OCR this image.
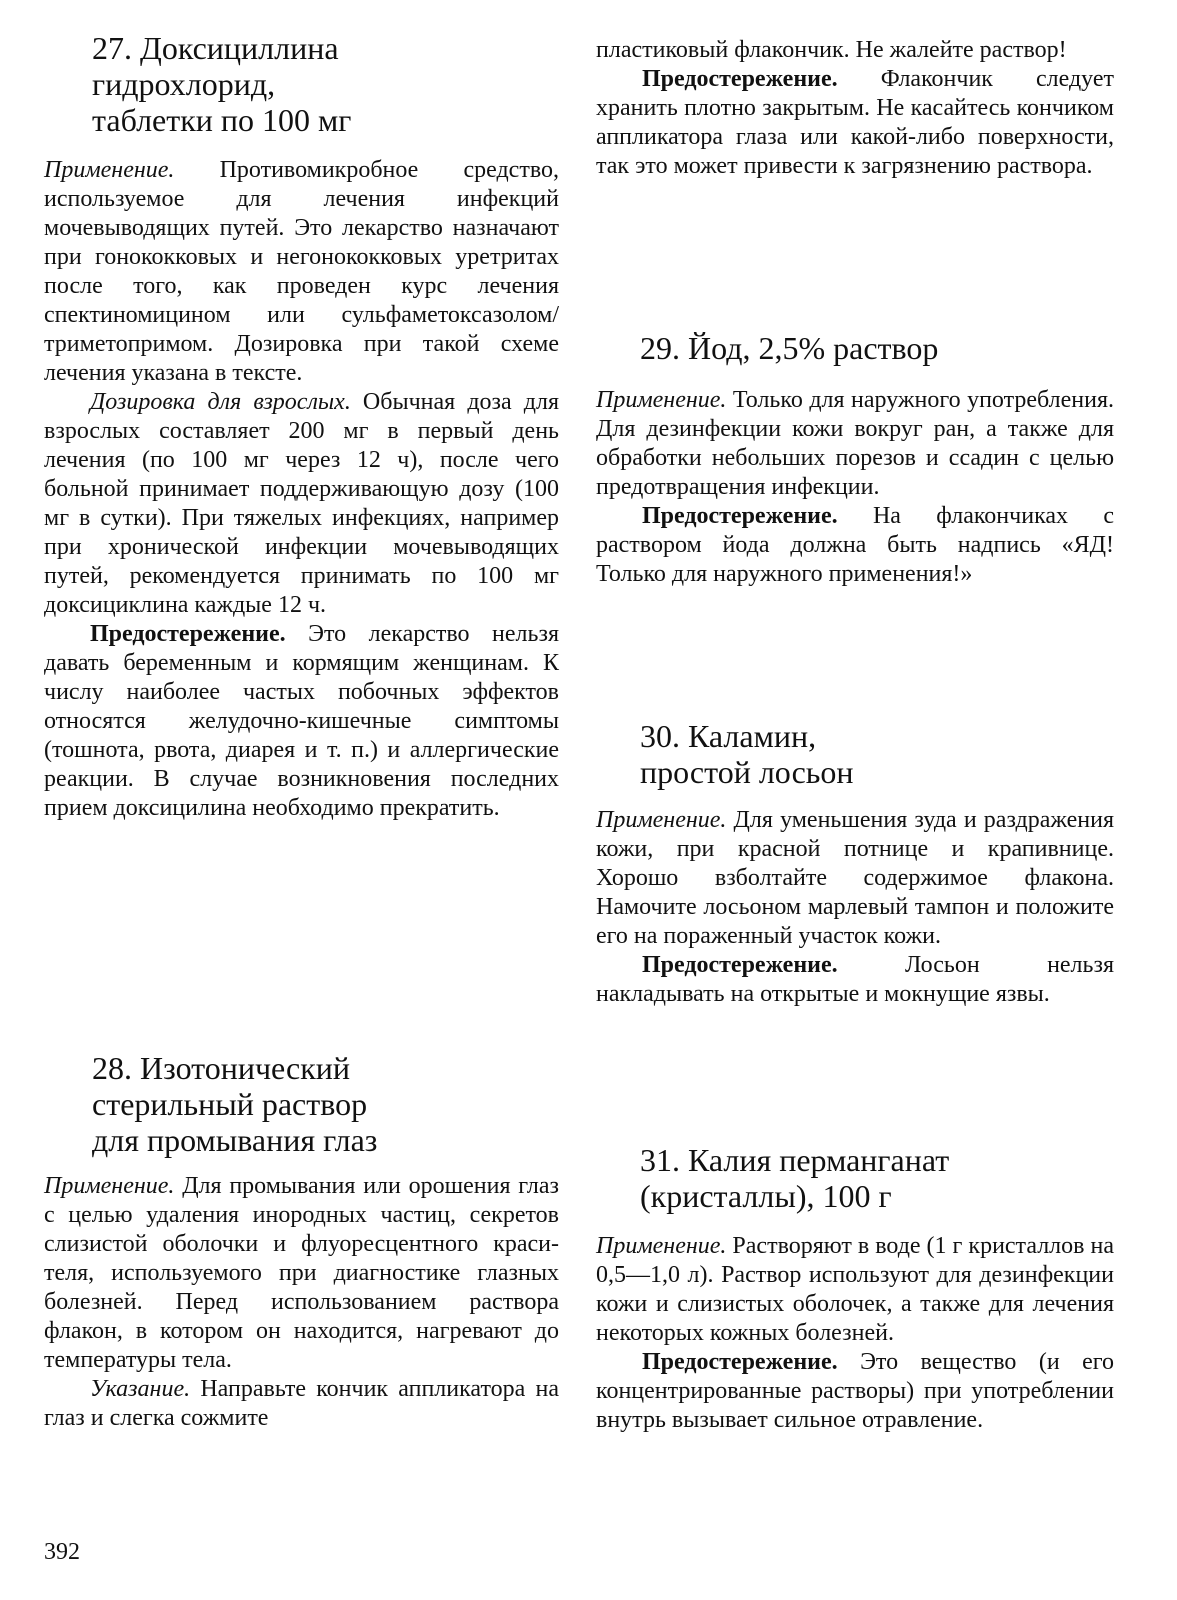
27. Доксициллина
гидрохлорид,
таблетки по 100 мг

Применение. Противомикробное средство, используемое для лечения инфекций мочевыводящих путей. Это лекарство назначают при гонококковых и негонококковых уретритах после того, как проведен курс лечения спектиномицином или сульфаметоксазолом/триметопримом. Дозировка при такой схеме лечения указана в тексте.

Дозировка для взрослых. Обычная доза для взрослых составляет 200 мг в первый день лечения (по 100 мг через 12 ч), после чего больной принимает поддерживающую дозу (100 мг в сутки). При тяжелых инфекциях, например при хронической инфекции мочевыводящих путей, рекомендуется принимать по 100 мг доксициклина каждые 12 ч.

Предостережение. Это лекарство нельзя давать беременным и кормящим женщинам. К числу наиболее частых побочных эффектов относятся желудочно-кишечные симптомы (тошнота, рвота, диарея и т. п.) и аллергические реакции. В случае возникновения последних прием доксицилина необходимо прекратить.

28. Изотонический
стерильный раствор
для промывания глаз

Применение. Для промывания или орошения глаз с целью удаления инородных частиц, секретов слизистой оболочки и флуоресцентного красителя, используемого при диагностике глазных болезней. Перед использованием раствора флакон, в котором он находится, нагревают до температуры тела.

Указание. Направьте кончик аппликатора на глаз и слегка сожмите

пластиковый флакончик. Не жалейте раствор!

Предостережение. Флакончик следует хранить плотно закрытым. Не касайтесь кончиком аппликатора глаза или какой-либо поверхности, так это может привести к загрязнению раствора.

29. Йод, 2,5% раствор

Применение. Только для наружного употребления. Для дезинфекции кожи вокруг ран, а также для обработки небольших порезов и ссадин с целью предотвращения инфекции.

Предостережение. На флакончиках с раствором йода должна быть надпись «ЯД! Только для наружного применения!»

30. Каламин,
простой лосьон

Применение. Для уменьшения зуда и раздражения кожи, при красной потнице и крапивнице. Хорошо взболтайте содержимое флакона. Намочите лосьоном марлевый тампон и положите его на пораженный участок кожи.

Предостережение. Лосьон нельзя накладывать на открытые и мокнущие язвы.

31. Калия перманганат
(кристаллы), 100 г

Применение. Растворяют в воде (1 г кристаллов на 0,5—1,0 л). Раствор используют для дезинфекции кожи и слизистых оболочек, а также для лечения некоторых кожных болезней.

Предостережение. Это вещество (и его концентрированные растворы) при употреблении внутрь вызывает сильное отравление.

392
